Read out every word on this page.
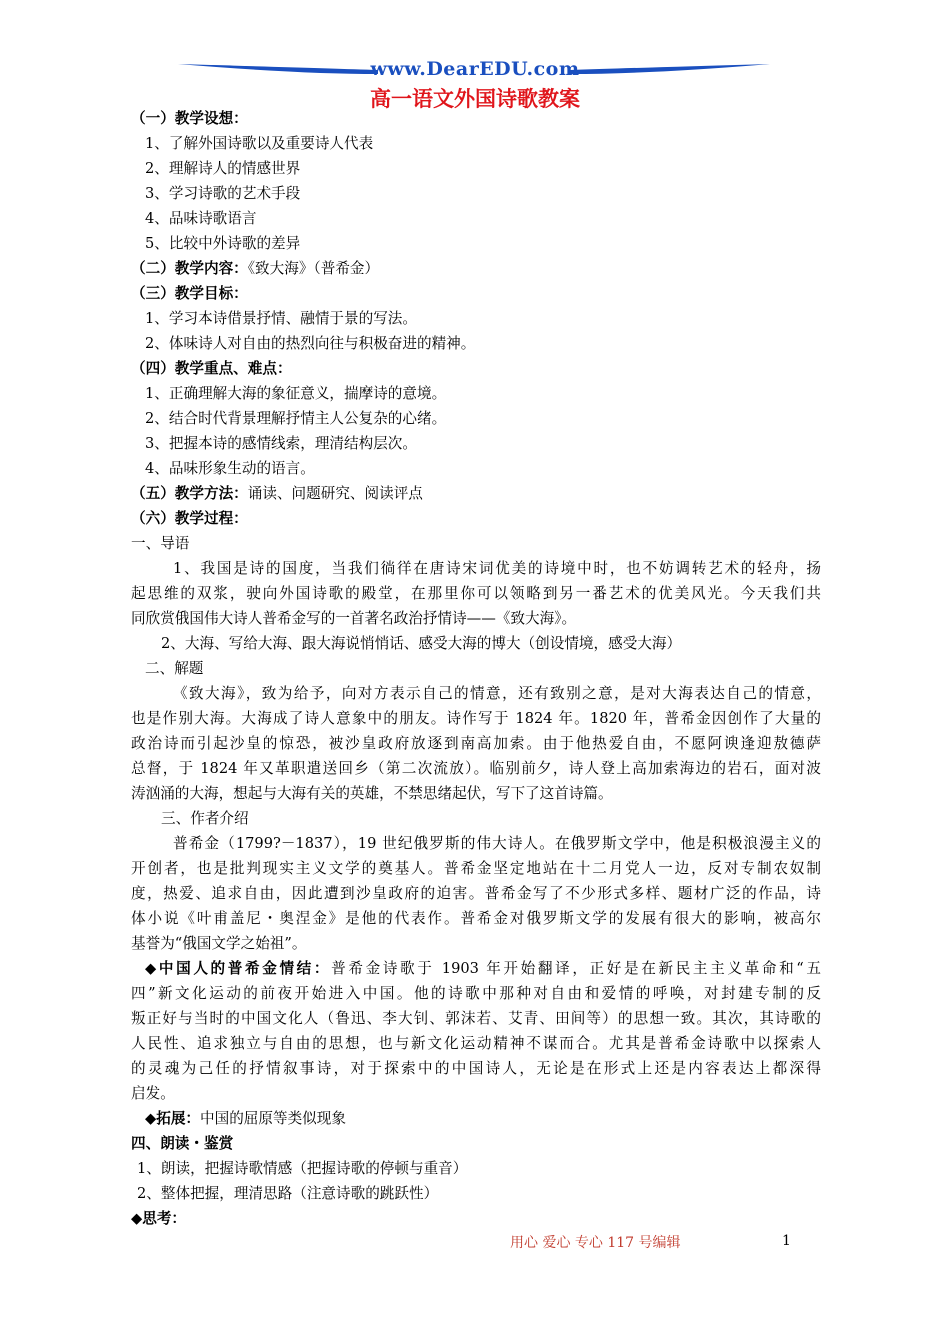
www.DearEDU.com
高一语文外国诗歌教案
（一）教学设想：
1、了解外国诗歌以及重要诗人代表
2、理解诗人的情感世界
3、学习诗歌的艺术手段
4、品味诗歌语言
5、比较中外诗歌的差异
（二）教学内容：《致大海》（普希金）
（三）教学目标：
1、学习本诗借景抒情、融情于景的写法。
2、体味诗人对自由的热烈向往与积极奋进的精神。
（四）教学重点、难点：
1、正确理解大海的象征意义，揣摩诗的意境。
2、结合时代背景理解抒情主人公复杂的心绪。
3、把握本诗的感情线索，理清结构层次。
4、品味形象生动的语言。
（五）教学方法：诵读、问题研究、阅读评点
（六）教学过程：
一、导语
1、我国是诗的国度，当我们徜徉在唐诗宋词优美的诗境中时，也不妨调转艺术的轻舟，扬
起思维的双浆，驶向外国诗歌的殿堂，在那里你可以领略到另一番艺术的优美风光。今天我们共
同欣赏俄国伟大诗人普希金写的一首著名政治抒情诗——《致大海》。
2、大海、写给大海、跟大海说悄悄话、感受大海的博大（创设情境，感受大海）
二、解题
《致大海》，致为给予，向对方表示自己的情意，还有致别之意，是对大海表达自己的情意，
也是作别大海。大海成了诗人意象中的朋友。诗作写于 1824 年。1820 年，普希金因创作了大量的
政治诗而引起沙皇的惊恐，被沙皇政府放逐到南高加索。由于他热爱自由，不愿阿谀逢迎敖德萨
总督，于 1824 年又革职遣送回乡（第二次流放）。临别前夕，诗人登上高加索海边的岩石，面对波
涛汹涌的大海，想起与大海有关的英雄，不禁思绪起伏，写下了这首诗篇。
三、作者介绍
普希金（1799?－1837），19 世纪俄罗斯的伟大诗人。在俄罗斯文学中，他是积极浪漫主义的
开创者，也是批判现实主义文学的奠基人。普希金坚定地站在十二月党人一边，反对专制农奴制
度，热爱、追求自由，因此遭到沙皇政府的迫害。普希金写了不少形式多样、题材广泛的作品，诗
体小说《叶甫盖尼・奥涅金》是他的代表作。普希金对俄罗斯文学的发展有很大的影响，被高尔
基誉为“俄国文学之始祖”。
◆中国人的普希金情结：普希金诗歌于 1903 年开始翻译，正好是在新民主主义革命和“五
四”新文化运动的前夜开始进入中国。他的诗歌中那种对自由和爱情的呼唤，对封建专制的反
叛正好与当时的中国文化人（鲁迅、李大钊、郭沫若、艾青、田间等）的思想一致。其次，其诗歌的
人民性、追求独立与自由的思想，也与新文化运动精神不谋而合。尤其是普希金诗歌中以探索人
的灵魂为己任的抒情叙事诗，对于探索中的中国诗人，无论是在形式上还是内容表达上都深得
启发。
◆拓展：中国的屈原等类似现象
四、朗读・鉴赏
1、朗读，把握诗歌情感（把握诗歌的停顿与重音）
2、整体把握，理清思路（注意诗歌的跳跃性）
◆思考：
用心 爱心 专心 117 号编辑	1
